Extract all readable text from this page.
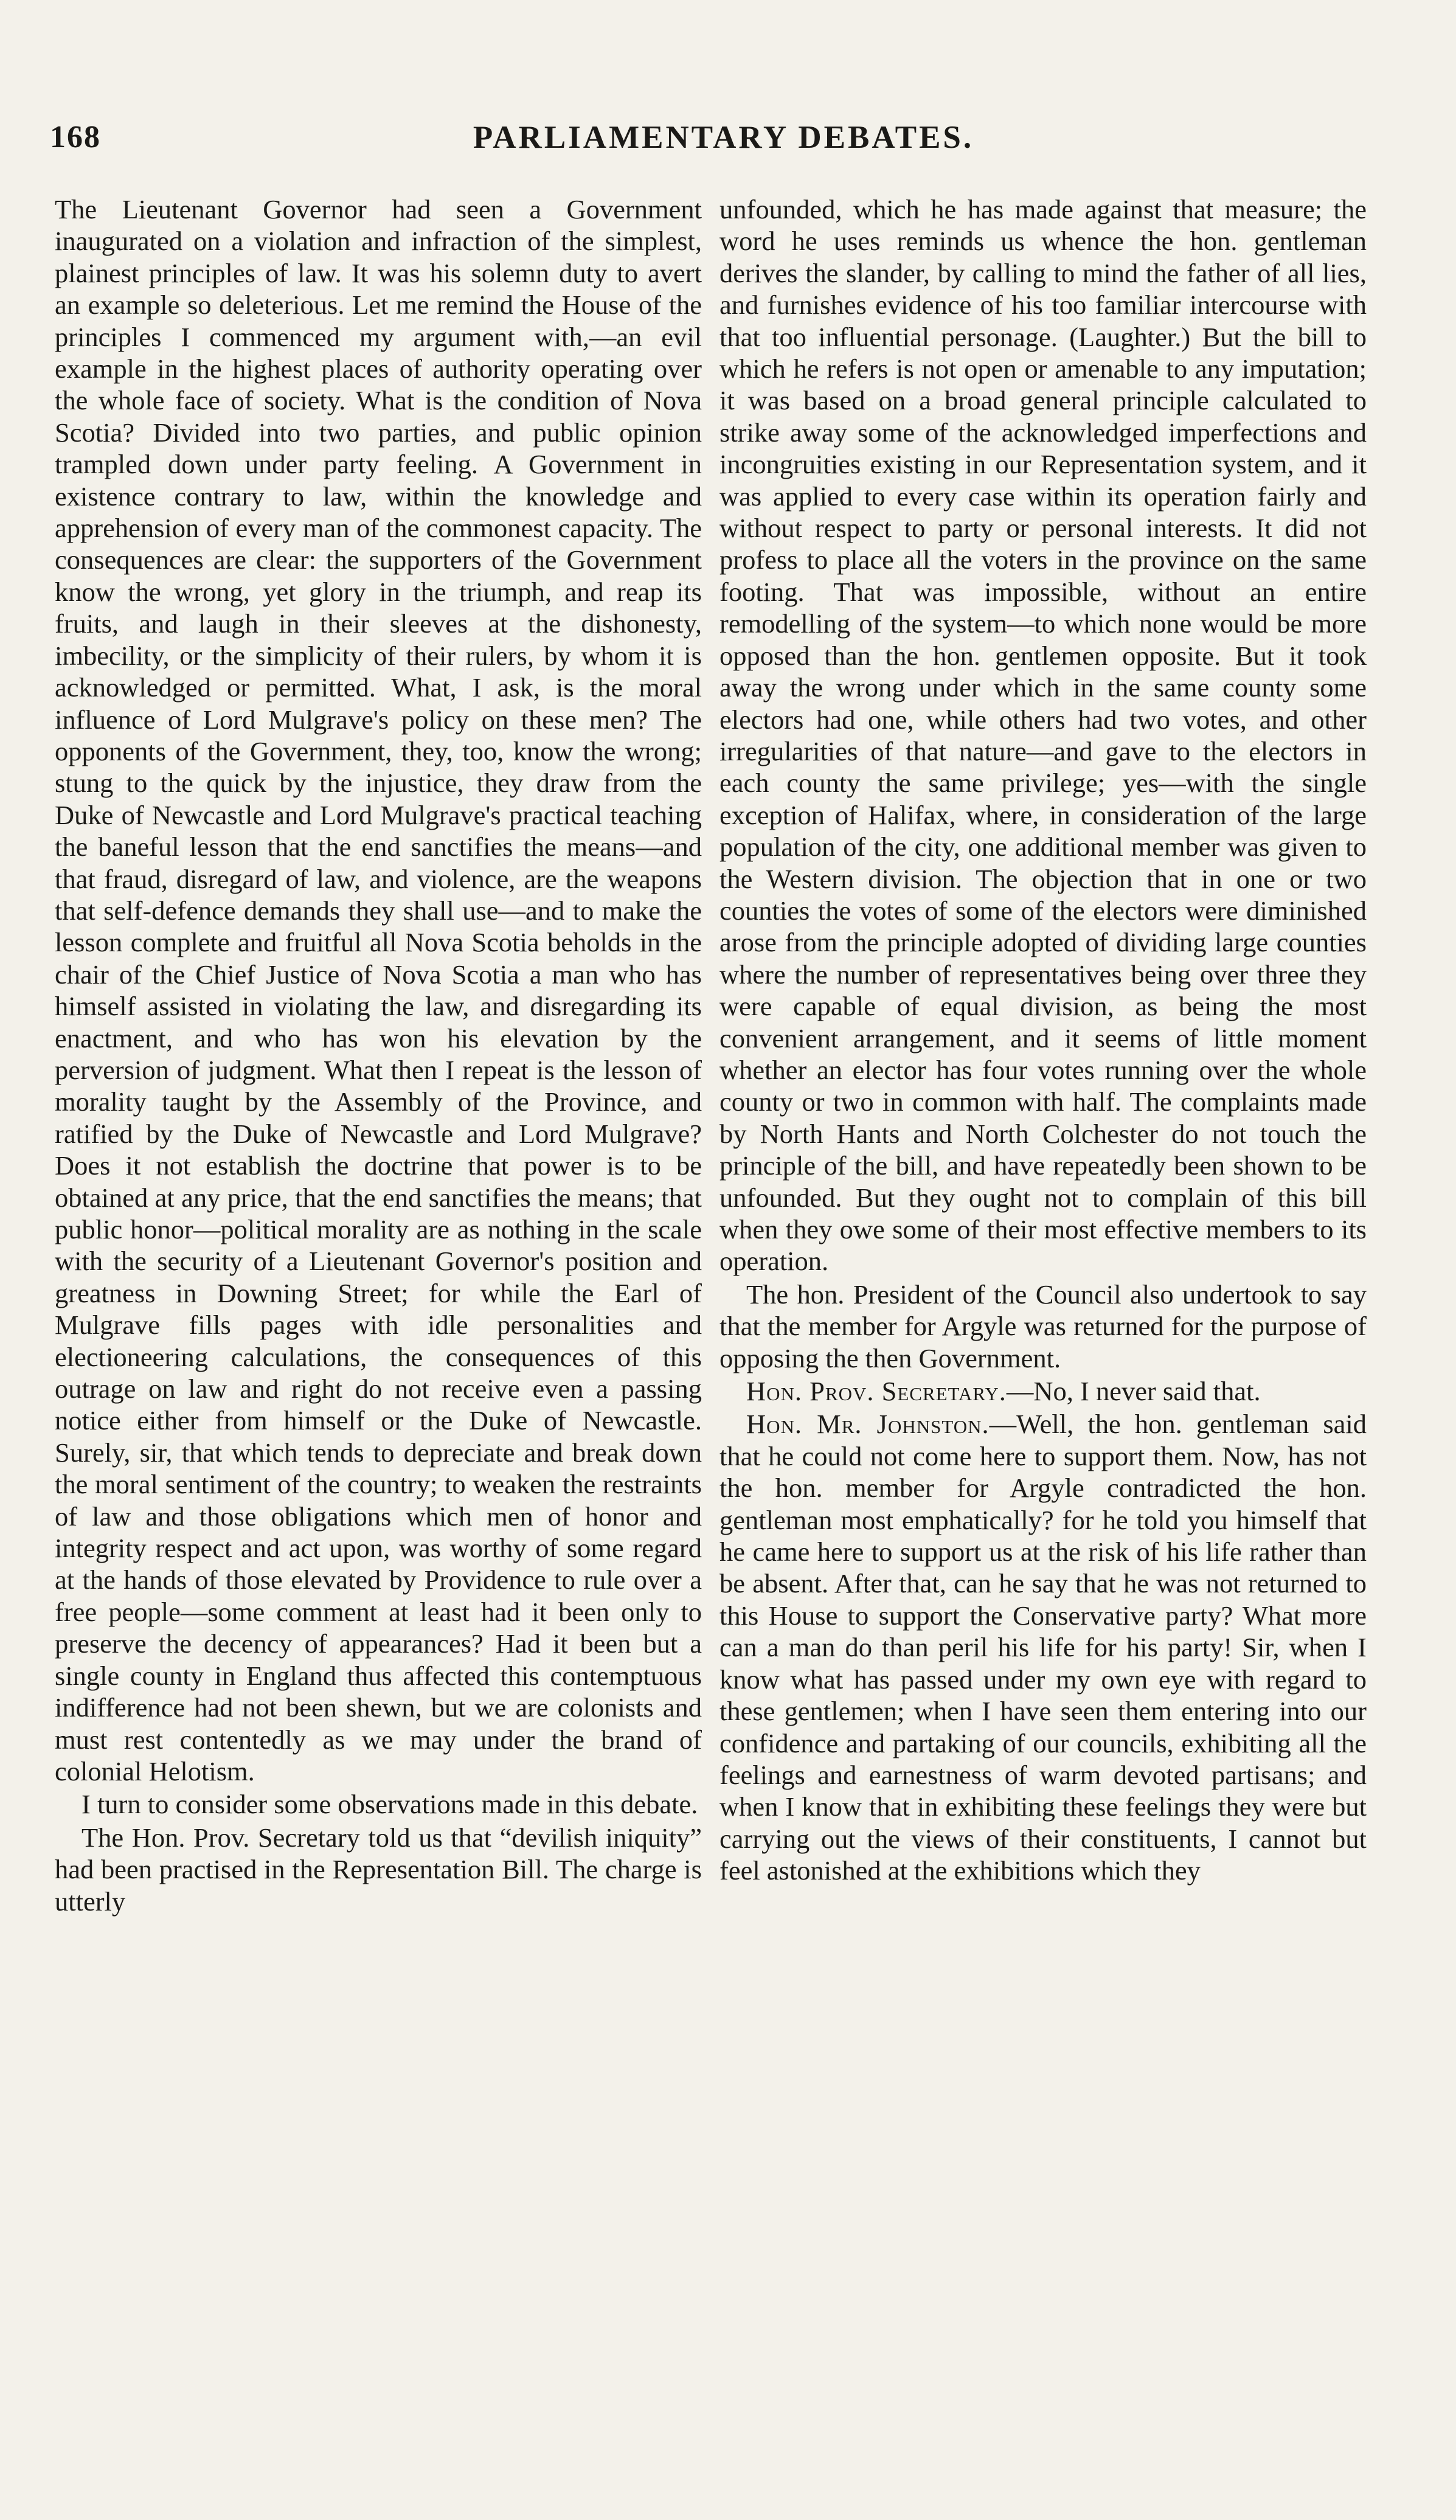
168	PARLIAMENTARY DEBATES.

The Lieutenant Governor had seen a Government inaugurated on a violation and infraction of the simplest, plainest principles of law. It was his solemn duty to avert an example so deleterious. Let me remind the House of the principles I commenced my argument with,—an evil example in the highest places of authority operating over the whole face of society. What is the condition of Nova Scotia? Divided into two parties, and public opinion trampled down under party feeling. A Government in existence contrary to law, within the knowledge and apprehension of every man of the commonest capacity. The consequences are clear: the supporters of the Government know the wrong, yet glory in the triumph, and reap its fruits, and laugh in their sleeves at the dishonesty, imbecility, or the simplicity of their rulers, by whom it is acknowledged or permitted. What, I ask, is the moral influence of Lord Mulgrave's policy on these men? The opponents of the Government, they, too, know the wrong; stung to the quick by the injustice, they draw from the Duke of Newcastle and Lord Mulgrave's practical teaching the baneful lesson that the end sanctifies the means—and that fraud, disregard of law, and violence, are the weapons that self-defence demands they shall use—and to make the lesson complete and fruitful all Nova Scotia beholds in the chair of the Chief Justice of Nova Scotia a man who has himself assisted in violating the law, and disregarding its enactment, and who has won his elevation by the perversion of judgment. What then I repeat is the lesson of morality taught by the Assembly of the Province, and ratified by the Duke of Newcastle and Lord Mulgrave? Does it not establish the doctrine that power is to be obtained at any price, that the end sanctifies the means; that public honor—political morality are as nothing in the scale with the security of a Lieutenant Governor's position and greatness in Downing Street; for while the Earl of Mulgrave fills pages with idle personalities and electioneering calculations, the consequences of this outrage on law and right do not receive even a passing notice either from himself or the Duke of Newcastle. Surely, sir, that which tends to depreciate and break down the moral sentiment of the country; to weaken the restraints of law and those obligations which men of honor and integrity respect and act upon, was worthy of some regard at the hands of those elevated by Providence to rule over a free people—some comment at least had it been only to preserve the decency of appearances? Had it been but a single county in England thus affected this contemptuous indifference had not been shewn, but we are colonists and must rest contentedly as we may under the brand of colonial Helotism.

I turn to consider some observations made in this debate.

The Hon. Prov. Secretary told us that “devilish iniquity” had been practised in the Representation Bill. The charge is utterly

unfounded, which he has made against that measure; the word he uses reminds us whence the hon. gentleman derives the slander, by calling to mind the father of all lies, and furnishes evidence of his too familiar intercourse with that too influential personage. (Laughter.) But the bill to which he refers is not open or amenable to any imputation; it was based on a broad general principle calculated to strike away some of the acknowledged imperfections and incongruities existing in our Representation system, and it was applied to every case within its operation fairly and without respect to party or personal interests. It did not profess to place all the voters in the province on the same footing. That was impossible, without an entire remodelling of the system—to which none would be more opposed than the hon. gentlemen opposite. But it took away the wrong under which in the same county some electors had one, while others had two votes, and other irregularities of that nature—and gave to the electors in each county the same privilege; yes—with the single exception of Halifax, where, in consideration of the large population of the city, one additional member was given to the Western division. The objection that in one or two counties the votes of some of the electors were diminished arose from the principle adopted of dividing large counties where the number of representatives being over three they were capable of equal division, as being the most convenient arrangement, and it seems of little moment whether an elector has four votes running over the whole county or two in common with half. The complaints made by North Hants and North Colchester do not touch the principle of the bill, and have repeatedly been shown to be unfounded. But they ought not to complain of this bill when they owe some of their most effective members to its operation.

The hon. President of the Council also undertook to say that the member for Argyle was returned for the purpose of opposing the then Government.

Hon. Prov. Secretary.—No, I never said that.

Hon. Mr. Johnston.—Well, the hon. gentleman said that he could not come here to support them. Now, has not the hon. member for Argyle contradicted the hon. gentleman most emphatically? for he told you himself that he came here to support us at the risk of his life rather than be absent. After that, can he say that he was not returned to this House to support the Conservative party? What more can a man do than peril his life for his party! Sir, when I know what has passed under my own eye with regard to these gentlemen; when I have seen them entering into our confidence and partaking of our councils, exhibiting all the feelings and earnestness of warm devoted partisans; and when I know that in exhibiting these feelings they were but carrying out the views of their constituents, I cannot but feel astonished at the exhibitions which they
